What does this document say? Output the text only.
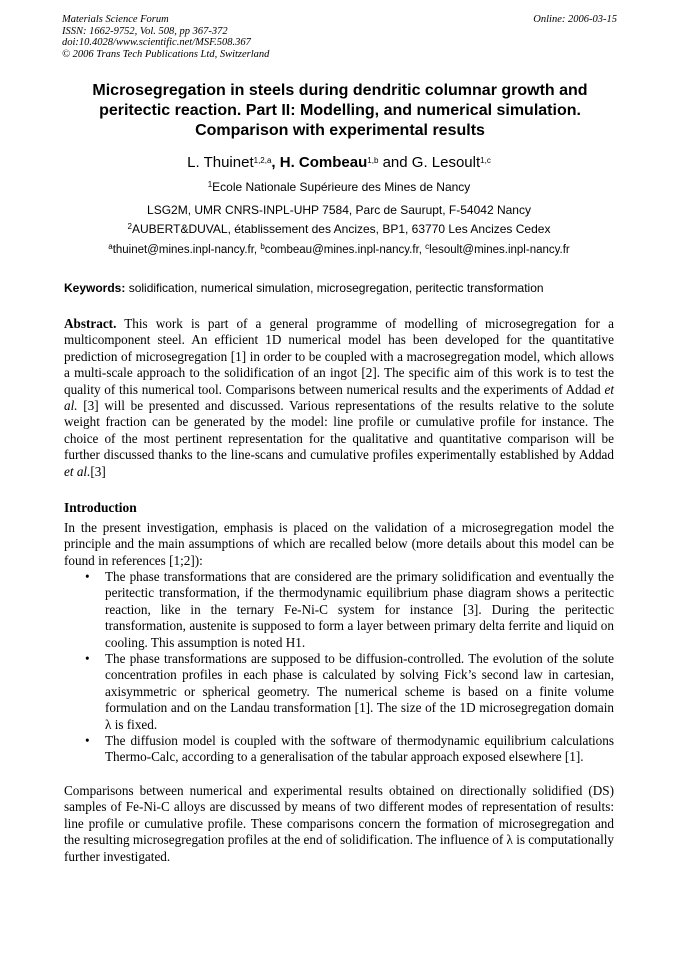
Materials Science Forum
ISSN: 1662-9752, Vol. 508, pp 367-372
doi:10.4028/www.scientific.net/MSF.508.367
© 2006 Trans Tech Publications Ltd, Switzerland
Online: 2006-03-15
Microsegregation in steels during dendritic columnar growth and
peritectic reaction. Part II: Modelling, and numerical simulation.
Comparison with experimental results
L. Thuinet$^{1,2,a}$, H. Combeau$^{1,b}$ and G. Lesoult$^{1,c}$
$^1$Ecole Nationale Supérieure des Mines de Nancy
LSG2M, UMR CNRS-INPL-UHP 7584, Parc de Saurupt, F-54042 Nancy
$^2$AUBERT&DUVAL, établissement des Ancizes, BP1, 63770 Les Ancizes Cedex
$^a$thuinet@mines.inpl-nancy.fr, $^b$combeau@mines.inpl-nancy.fr, $^c$lesoult@mines.inpl-nancy.fr
Keywords: solidification, numerical simulation, microsegregation, peritectic transformation
Abstract. This work is part of a general programme of modelling of microsegregation for a multicomponent steel. An efficient 1D numerical model has been developed for the quantitative prediction of microsegregation [1] in order to be coupled with a macrosegregation model, which allows a multi-scale approach to the solidification of an ingot [2]. The specific aim of this work is to test the quality of this numerical tool. Comparisons between numerical results and the experiments of Addad et al. [3] will be presented and discussed. Various representations of the results relative to the solute weight fraction can be generated by the model: line profile or cumulative profile for instance. The choice of the most pertinent representation for the qualitative and quantitative comparison will be further discussed thanks to the line-scans and cumulative profiles experimentally established by Addad et al.[3]
Introduction
In the present investigation, emphasis is placed on the validation of a microsegregation model the principle and the main assumptions of which are recalled below (more details about this model can be found in references [1;2]):
• The phase transformations that are considered are the primary solidification and eventually the peritectic transformation, if the thermodynamic equilibrium phase diagram shows a peritectic reaction, like in the ternary Fe-Ni-C system for instance [3]. During the peritectic transformation, austenite is supposed to form a layer between primary delta ferrite and liquid on cooling. This assumption is noted H1.
• The phase transformations are supposed to be diffusion-controlled. The evolution of the solute concentration profiles in each phase is calculated by solving Fick’s second law in cartesian, axisymmetric or spherical geometry. The numerical scheme is based on a finite volume formulation and on the Landau transformation [1]. The size of the 1D microsegregation domain λ is fixed.
• The diffusion model is coupled with the software of thermodynamic equilibrium calculations Thermo-Calc, according to a generalisation of the tabular approach exposed elsewhere [1].
Comparisons between numerical and experimental results obtained on directionally solidified (DS) samples of Fe-Ni-C alloys are discussed by means of two different modes of representation of results: line profile or cumulative profile. These comparisons concern the formation of microsegregation and the resulting microsegregation profiles at the end of solidification. The influence of λ is computationally further investigated.
